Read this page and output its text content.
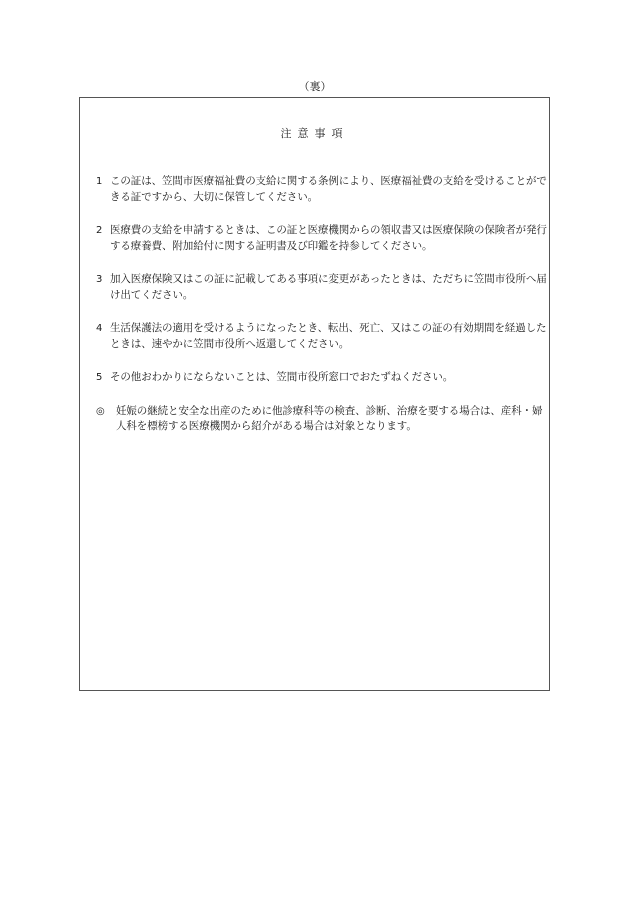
（裏）
注意事項
1 この証は、笠間市医療福祉費の支給に関する条例により、医療福祉費の支給を受けることができる証ですから、大切に保管してください。
2 医療費の支給を申請するときは、この証と医療機関からの領収書又は医療保険の保険者が発行する療養費、附加給付に関する証明書及び印鑑を持参してください。
3 加入医療保険又はこの証に記載してある事項に変更があったときは、ただちに笠間市役所へ届け出てください。
4 生活保護法の適用を受けるようになったとき、転出、死亡、又はこの証の有効期間を経過したときは、速やかに笠間市役所へ返還してください。
5 その他おわかりにならないことは、笠間市役所窓口でおたずねください。
◎	妊娠の継続と安全な出産のために他診療科等の検査、診断、治療を要する場合は、産科・婦人科を標榜する医療機関から紹介がある場合は対象となります。
